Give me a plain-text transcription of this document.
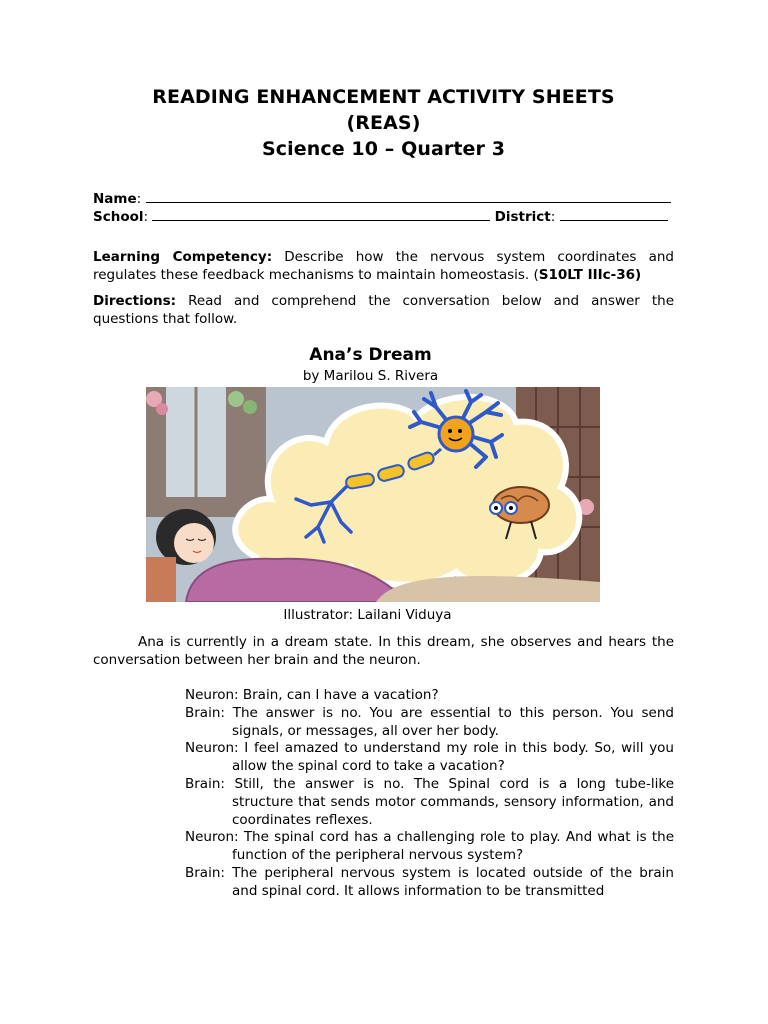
READING ENHANCEMENT ACTIVITY SHEETS
(REAS)
Science 10 – Quarter 3
Name:
School:	District:
Learning Competency: Describe how the nervous system coordinates and regulates these feedback mechanisms to maintain homeostasis. (S10LT IIIc-36)
Directions: Read and comprehend the conversation below and answer the questions that follow.
Ana’s Dream
by Marilou S. Rivera
Illustrator: Lailani Viduya
Ana is currently in a dream state. In this dream, she observes and hears the conversation between her brain and the neuron.

Neuron: Brain, can I have a vacation?

Brain: The answer is no. You are essential to this person. You send signals, or messages, all over her body.

Neuron: I feel amazed to understand my role in this body. So, will you allow the spinal cord to take a vacation?

Brain: Still, the answer is no. The Spinal cord is a long tube-like structure that sends motor commands, sensory information, and coordinates reflexes.

Neuron: The spinal cord has a challenging role to play. And what is the function of the peripheral nervous system?

Brain: The peripheral nervous system is located outside of the brain and spinal cord. It allows information to be transmitted
